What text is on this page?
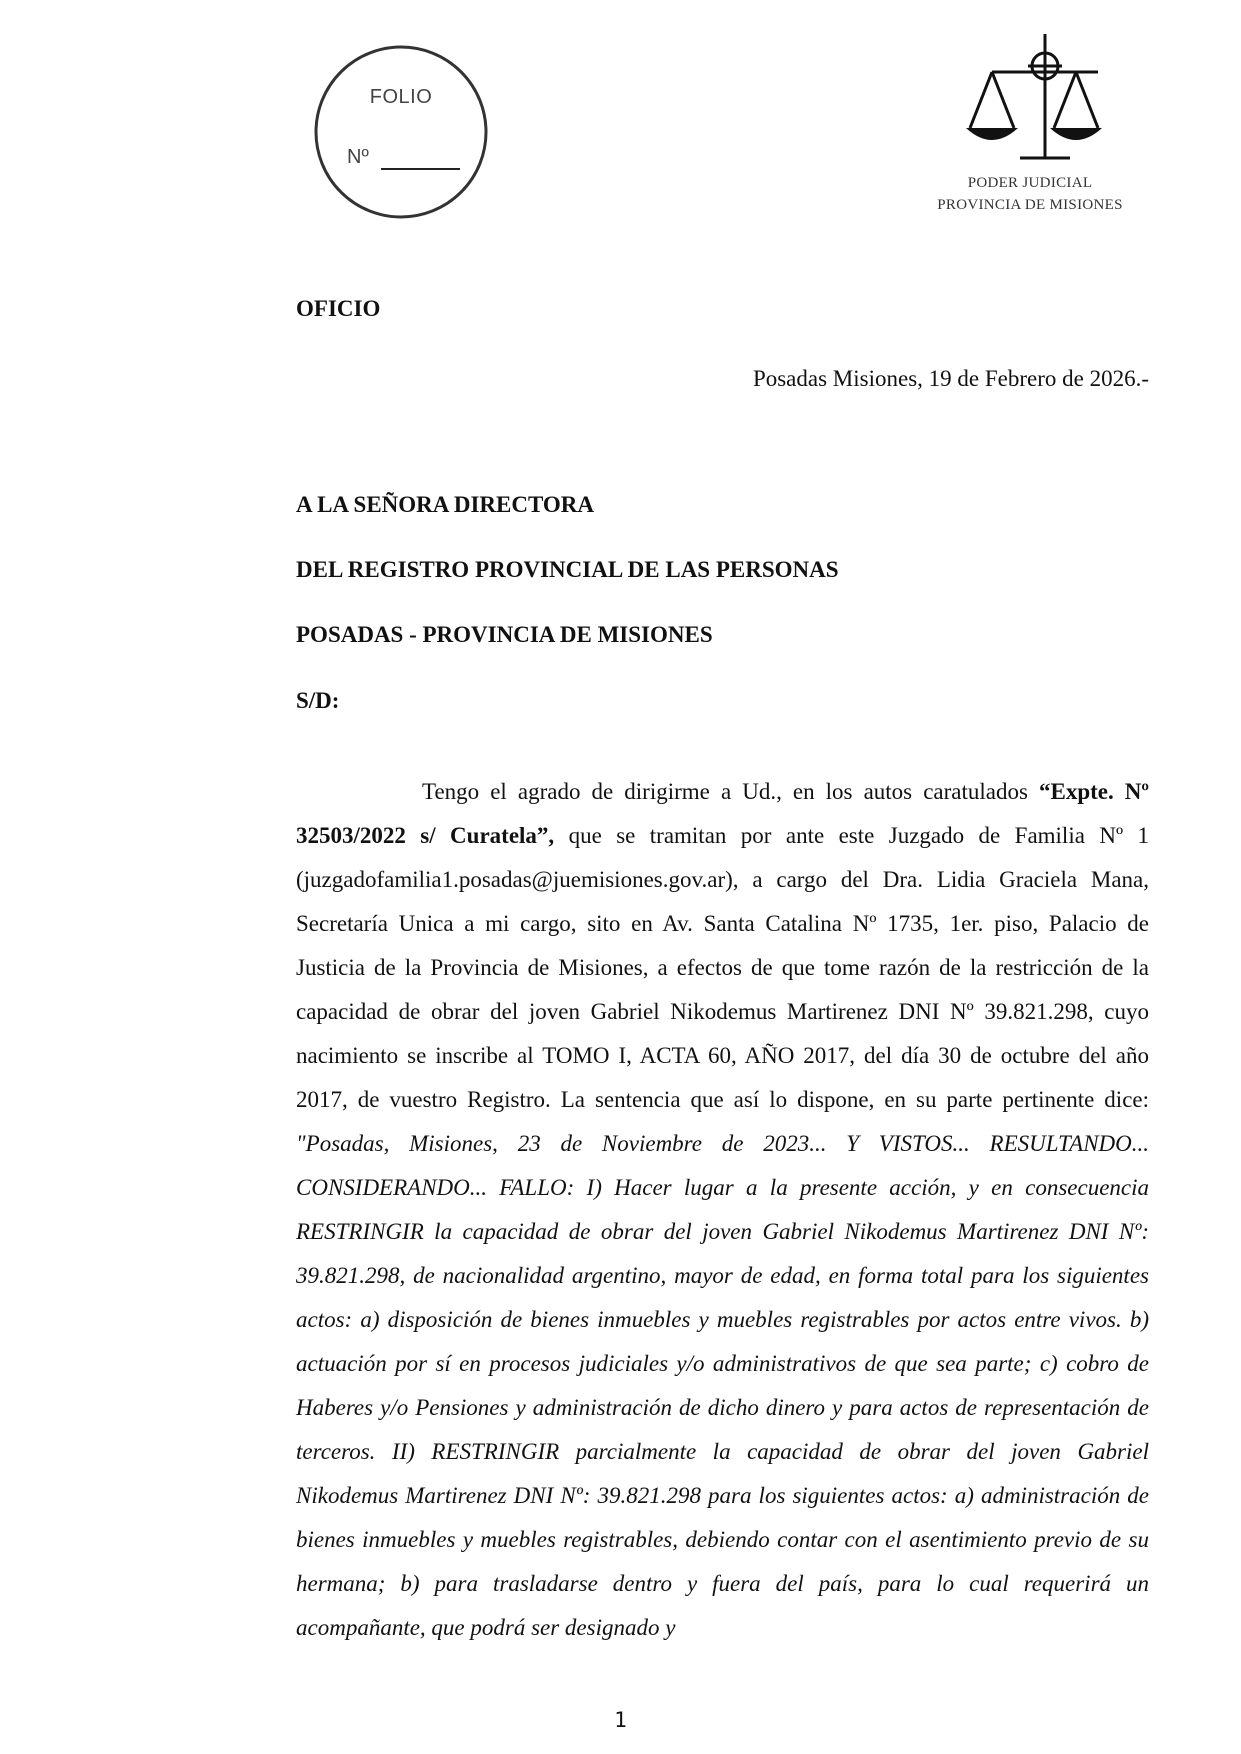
FOLIO
Nº
PODER JUDICIAL
PROVINCIA DE MISIONES
OFICIO
Posadas Misiones, 19 de Febrero de 2026.-
A LA SEÑORA DIRECTORA
DEL REGISTRO PROVINCIAL DE LAS PERSONAS
POSADAS - PROVINCIA DE MISIONES
S/D:
Tengo el agrado de dirigirme a Ud., en los autos caratulados “Expte. Nº 32503/2022 s/ Curatela”, que se tramitan por ante este Juzgado de Familia Nº 1 (juzgadofamilia1.posadas@juemisiones.gov.ar), a cargo del Dra. Lidia Graciela Mana, Secretaría Unica a mi cargo, sito en Av. Santa Catalina Nº 1735, 1er. piso, Palacio de Justicia de la Provincia de Misiones, a efectos de que tome razón de la restricción de la capacidad de obrar del joven Gabriel Nikodemus Martirenez DNI Nº 39.821.298, cuyo nacimiento se inscribe al TOMO I, ACTA 60, AÑO 2017, del día 30 de octubre del año 2017, de vuestro Registro. La sentencia que así lo dispone, en su parte pertinente dice: "Posadas, Misiones, 23 de Noviembre de 2023... Y VISTOS... RESULTANDO... CONSIDERANDO... FALLO: I) Hacer lugar a la presente acción, y en consecuencia RESTRINGIR la capacidad de obrar del joven Gabriel Nikodemus Martirenez DNI Nº: 39.821.298, de nacionalidad argentino, mayor de edad, en forma total para los siguientes actos: a) disposición de bienes inmuebles y muebles registrables por actos entre vivos. b) actuación por sí en procesos judiciales y/o administrativos de que sea parte; c) cobro de Haberes y/o Pensiones y administración de dicho dinero y para actos de representación de terceros. II) RESTRINGIR parcialmente la capacidad de obrar del joven Gabriel Nikodemus Martirenez DNI Nº: 39.821.298 para los siguientes actos: a) administración de bienes inmuebles y muebles registrables, debiendo contar con el asentimiento previo de su hermana; b) para trasladarse dentro y fuera del país, para lo cual requerirá un acompañante, que podrá ser designado y
1
